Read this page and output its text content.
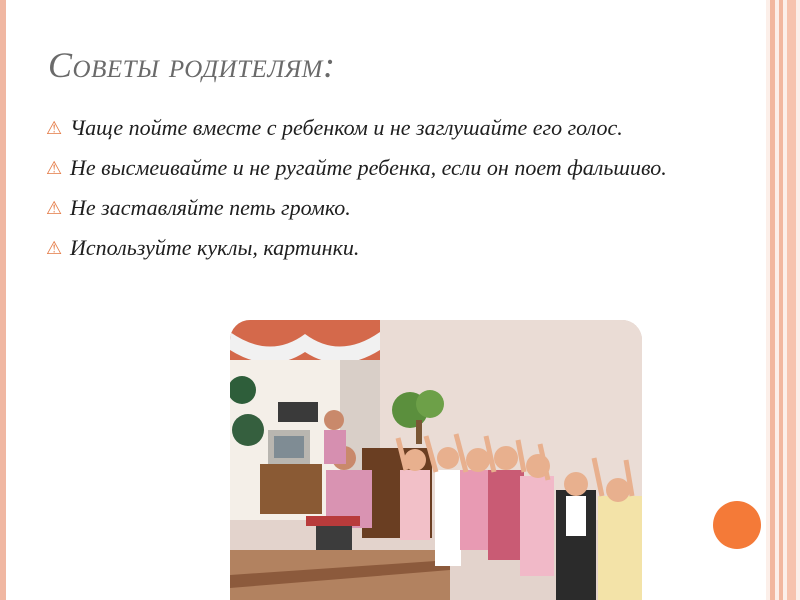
Советы родителям:
⚠ Чаще пойте вместе с ребенком и не заглушайте его голос.
⚠ Не высмеивайте и не ругайте ребенка, если он поет фальшиво.
⚠ Не заставляйте петь громко.
⚠ Используйте куклы, картинки.
